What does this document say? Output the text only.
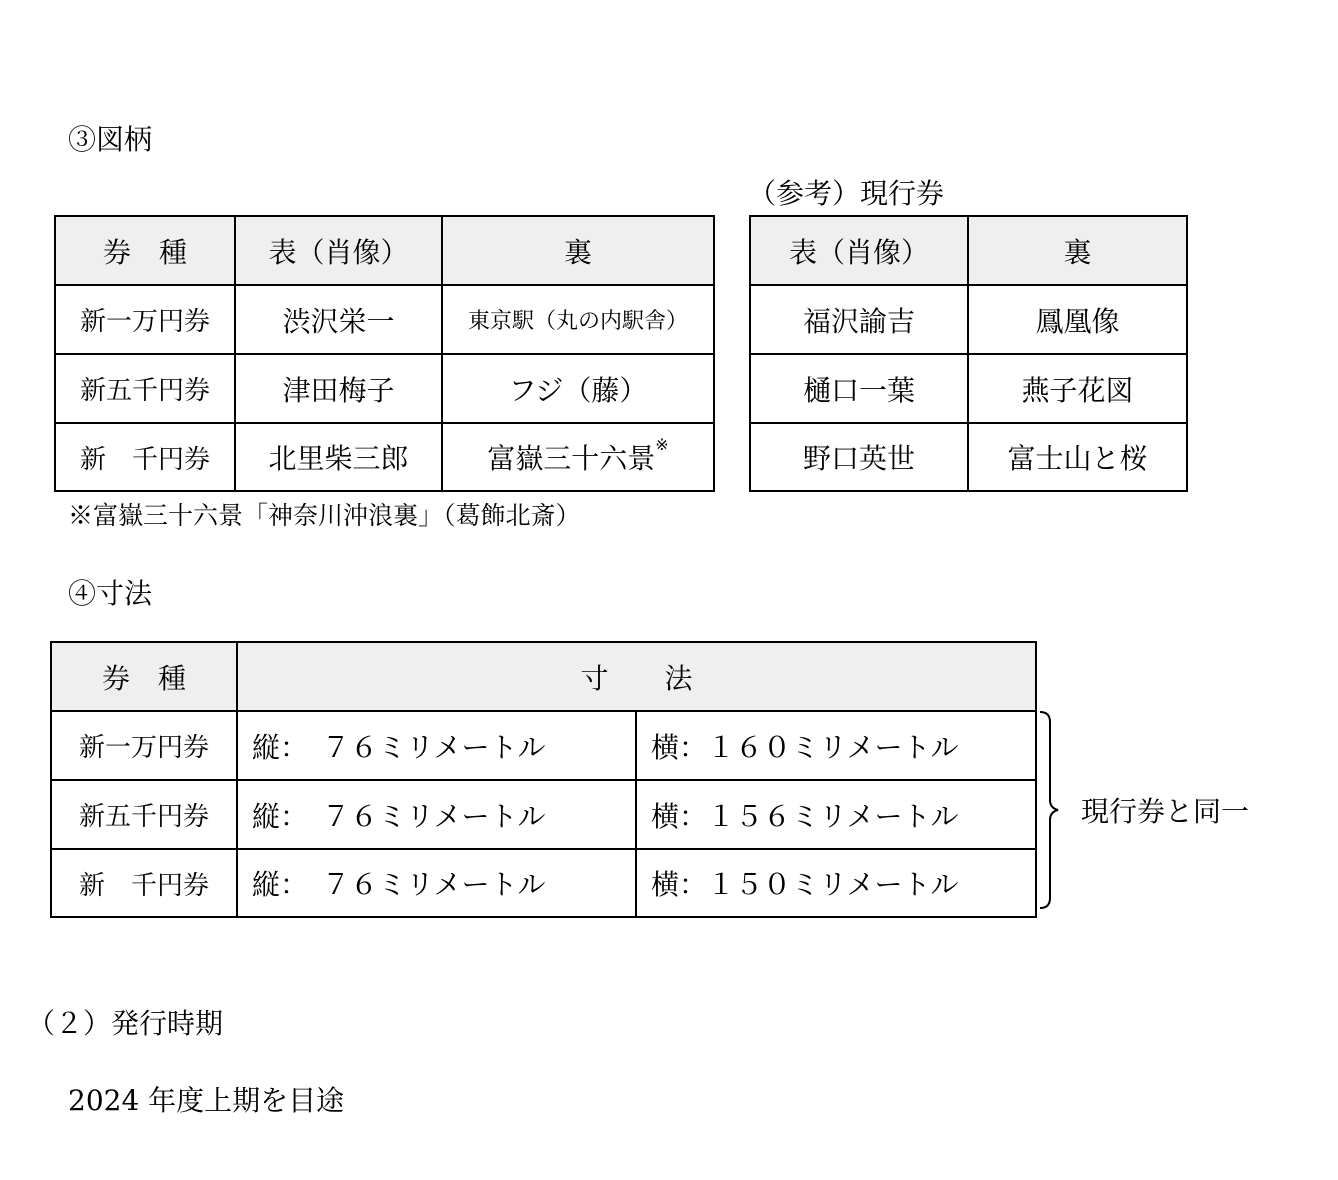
③図柄
（参考）現行券
券　種	表（肖像）	裏
新一万円券	渋沢栄一	東京駅（丸の内駅舎）
新五千円券	津田梅子	フジ（藤）
新　千円券	北里柴三郎	富嶽三十六景※
表（肖像）	裏
福沢諭吉	鳳凰像
樋口一葉	燕子花図
野口英世	富士山と桜
※富嶽三十六景「神奈川沖浪裏」（葛飾北斎）
④寸法
券　種	寸　　法	
新一万円券	縦：　７６ミリメートル	横：１６０ミリメートル
新五千円券	縦：　７６ミリメートル	横：１５６ミリメートル
新　千円券	縦：　７６ミリメートル	横：１５０ミリメートル
現行券と同一
（２）発行時期
2024 年度上期を目途
